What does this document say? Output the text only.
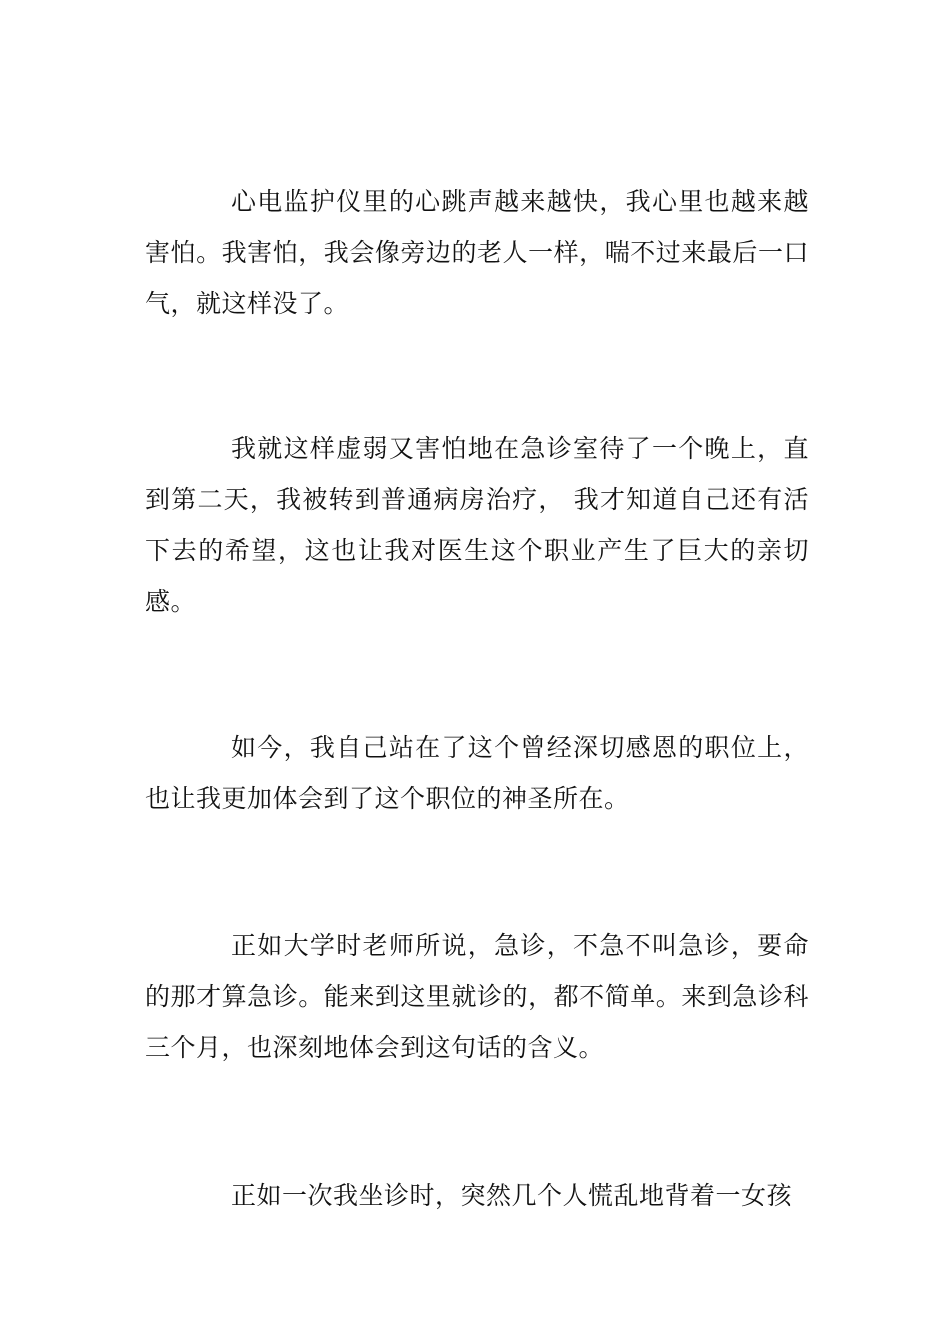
心电监护仪里的心跳声越来越快，我心里也越来越害怕。我害怕，我会像旁边的老人一样，喘不过来最后一口气，就这样没了。

我就这样虚弱又害怕地在急诊室待了一个晚上，直到第二天，我被转到普通病房治疗， 我才知道自己还有活下去的希望，这也让我对医生这个职业产生了巨大的亲切感。

如今，我自己站在了这个曾经深切感恩的职位上，也让我更加体会到了这个职位的神圣所在。

正如大学时老师所说，急诊，不急不叫急诊，要命的那才算急诊。能来到这里就诊的，都不简单。来到急诊科三个月，也深刻地体会到这句话的含义。

正如一次我坐诊时，突然几个人慌乱地背着一女孩
